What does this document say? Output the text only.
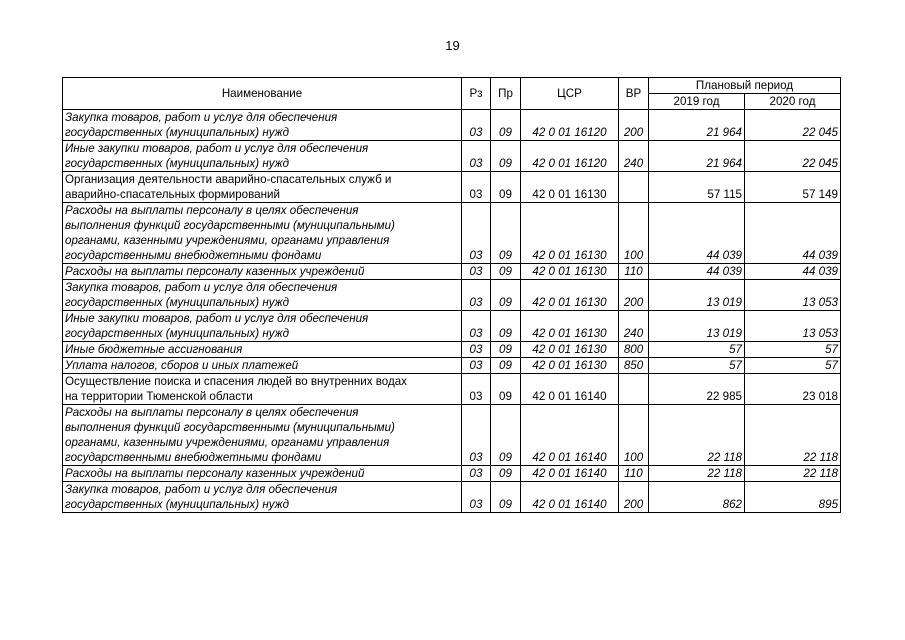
19
Наименование	Рз	Пр	ЦСР	ВР	Плановый период	
					2019 год	2020 год
Закупка товаров, работ и услуг для обеспечения
государственных (муниципальных) нужд	03	09	42 0 01 16120	200	21 964	22 045
Иные закупки товаров, работ и услуг для обеспечения
государственных (муниципальных) нужд	03	09	42 0 01 16120	240	21 964	22 045
Организация деятельности аварийно-спасательных служб и
аварийно-спасательных формирований	03	09	42 0 01 16130		57 115	57 149
Расходы на выплаты персоналу в целях обеспечения
выполнения функций государственными (муниципальными)
органами, казенными учреждениями, органами управления
государственными внебюджетными фондами	03	09	42 0 01 16130	100	44 039	44 039
Расходы на выплаты персоналу казенных учреждений	03	09	42 0 01 16130	110	44 039	44 039
Закупка товаров, работ и услуг для обеспечения
государственных (муниципальных) нужд	03	09	42 0 01 16130	200	13 019	13 053
Иные закупки товаров, работ и услуг для обеспечения
государственных (муниципальных) нужд	03	09	42 0 01 16130	240	13 019	13 053
Иные бюджетные ассигнования	03	09	42 0 01 16130	800	57	57
Уплата налогов, сборов и иных платежей	03	09	42 0 01 16130	850	57	57
Осуществление поиска и спасения людей во внутренних водах
на территории Тюменской области	03	09	42 0 01 16140		22 985	23 018
Расходы на выплаты персоналу в целях обеспечения
выполнения функций государственными (муниципальными)
органами, казенными учреждениями, органами управления
государственными внебюджетными фондами	03	09	42 0 01 16140	100	22 118	22 118
Расходы на выплаты персоналу казенных учреждений	03	09	42 0 01 16140	110	22 118	22 118
Закупка товаров, работ и услуг для обеспечения
государственных (муниципальных) нужд	03	09	42 0 01 16140	200	862	895
